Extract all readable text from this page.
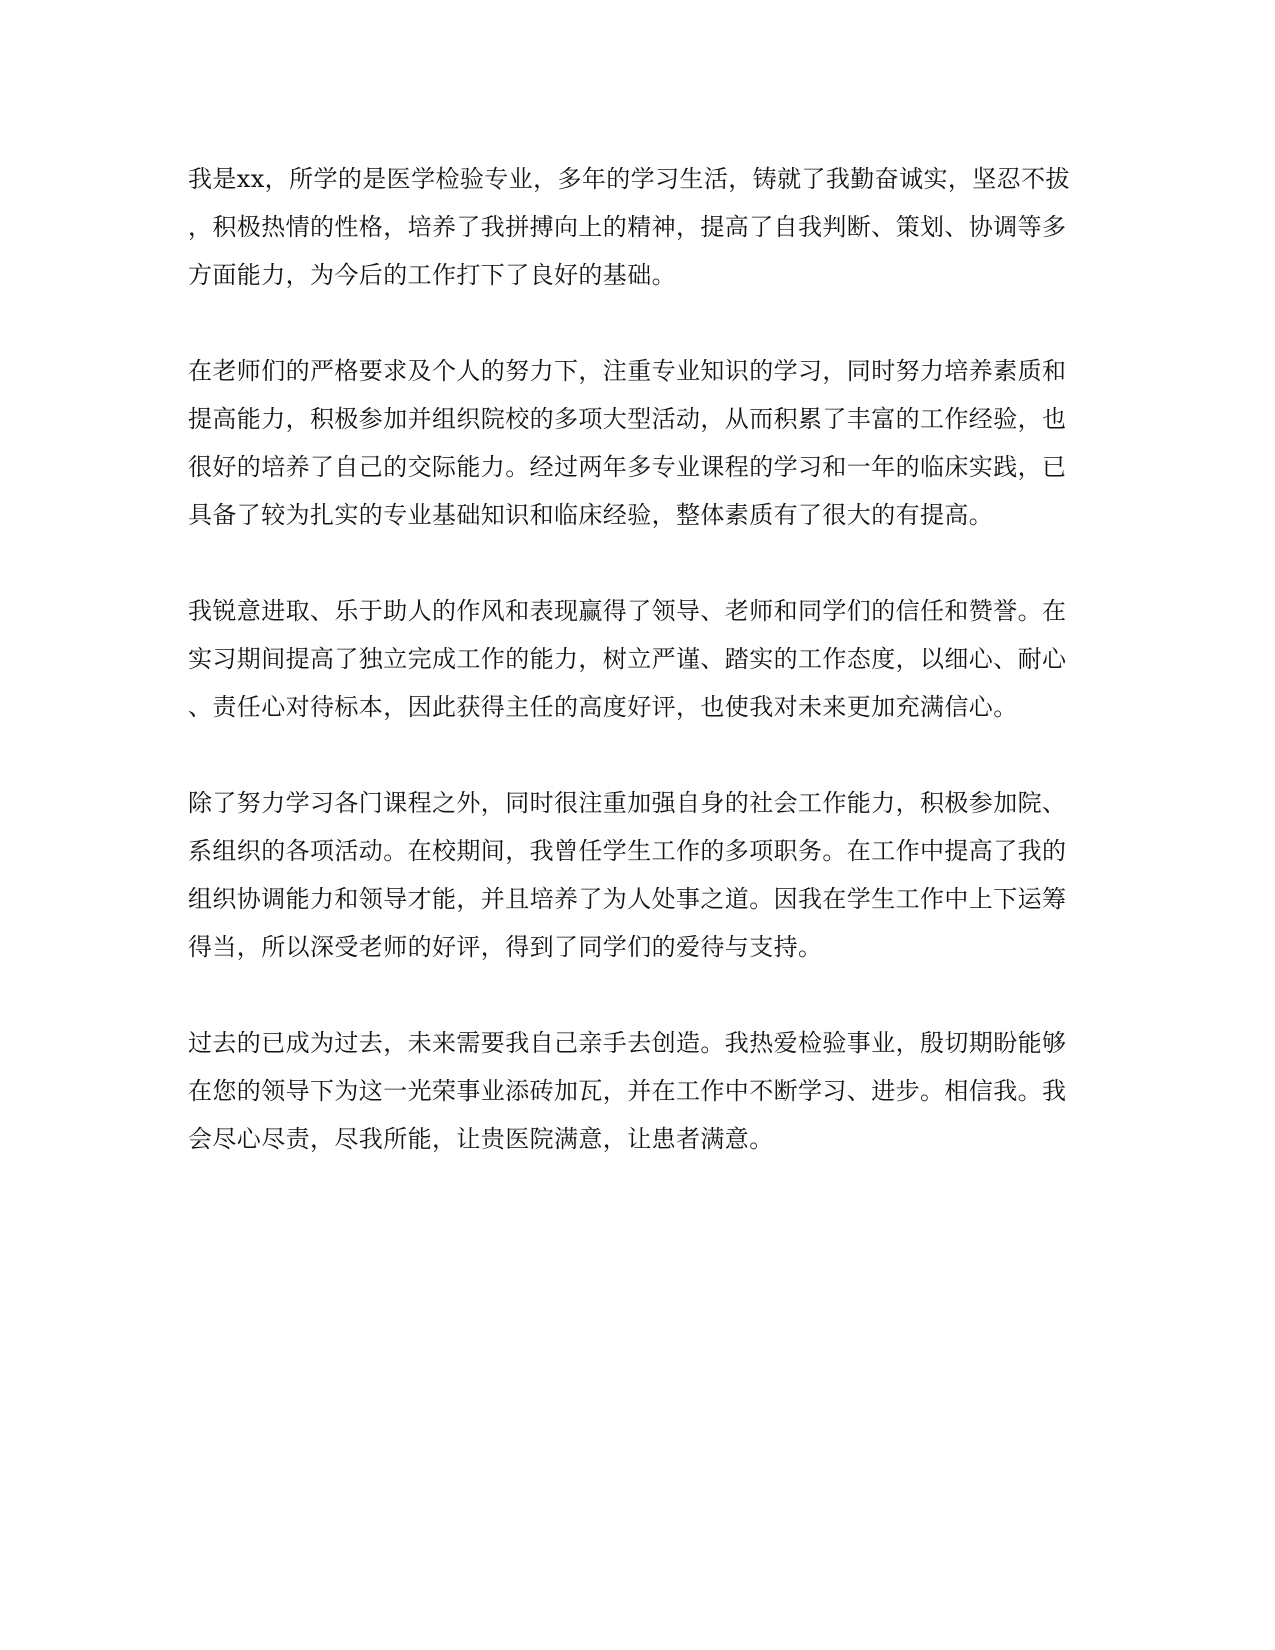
我是xx，所学的是医学检验专业，多年的学习生活，铸就了我勤奋诚实，坚忍不拔
，积极热情的性格，培养了我拼搏向上的精神，提高了自我判断、策划、协调等多
方面能力，为今后的工作打下了良好的基础。
在老师们的严格要求及个人的努力下，注重专业知识的学习，同时努力培养素质和
提高能力，积极参加并组织院校的多项大型活动，从而积累了丰富的工作经验，也
很好的培养了自己的交际能力。经过两年多专业课程的学习和一年的临床实践，已
具备了较为扎实的专业基础知识和临床经验，整体素质有了很大的有提高。
我锐意进取、乐于助人的作风和表现赢得了领导、老师和同学们的信任和赞誉。在
实习期间提高了独立完成工作的能力，树立严谨、踏实的工作态度，以细心、耐心
、责任心对待标本，因此获得主任的高度好评，也使我对未来更加充满信心。
除了努力学习各门课程之外，同时很注重加强自身的社会工作能力，积极参加院、
系组织的各项活动。在校期间，我曾任学生工作的多项职务。在工作中提高了我的
组织协调能力和领导才能，并且培养了为人处事之道。因我在学生工作中上下运筹
得当，所以深受老师的好评，得到了同学们的爱待与支持。
过去的已成为过去，未来需要我自己亲手去创造。我热爱检验事业，殷切期盼能够
在您的领导下为这一光荣事业添砖加瓦，并在工作中不断学习、进步。相信我。我
会尽心尽责，尽我所能，让贵医院满意，让患者满意。
